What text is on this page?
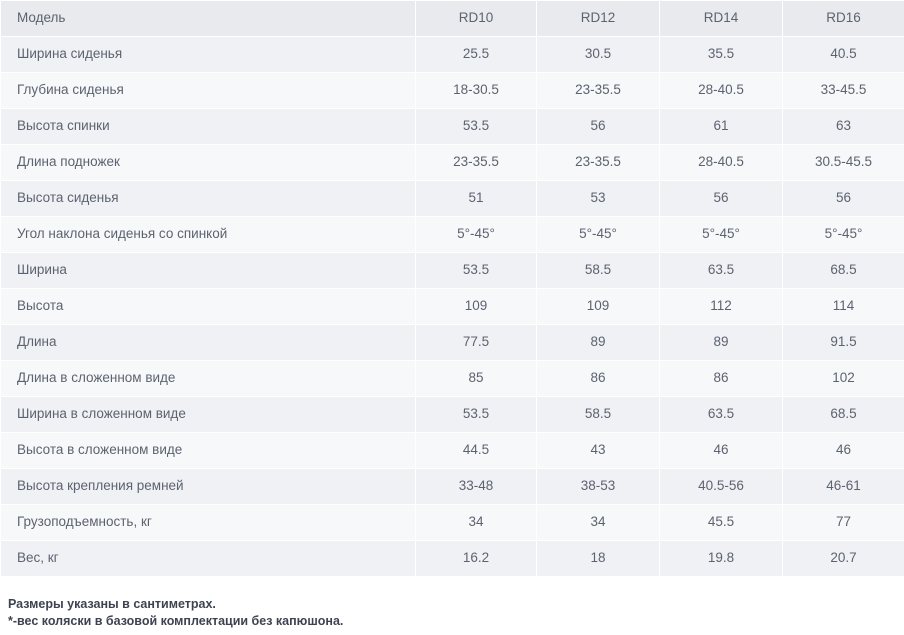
Модель	RD10	RD12	RD14	RD16
Ширина сиденья	25.5	30.5	35.5	40.5
Глубина сиденья	18-30.5	23-35.5	28-40.5	33-45.5
Высота спинки	53.5	56	61	63
Длина подножек	23-35.5	23-35.5	28-40.5	30.5-45.5
Высота сиденья	51	53	56	56
Угол наклона сиденья со спинкой	5°-45°	5°-45°	5°-45°	5°-45°
Ширина	53.5	58.5	63.5	68.5
Высота	109	109	112	114
Длина	77.5	89	89	91.5
Длина в сложенном виде	85	86	86	102
Ширина в сложенном виде	53.5	58.5	63.5	68.5
Высота в сложенном виде	44.5	43	46	46
Высота крепления ремней	33-48	38-53	40.5-56	46-61
Грузоподъемность, кг	34	34	45.5	77
Вес, кг	16.2	18	19.8	20.7
Размеры указаны в сантиметрах.
*-вес коляски в базовой комплектации без капюшона.
